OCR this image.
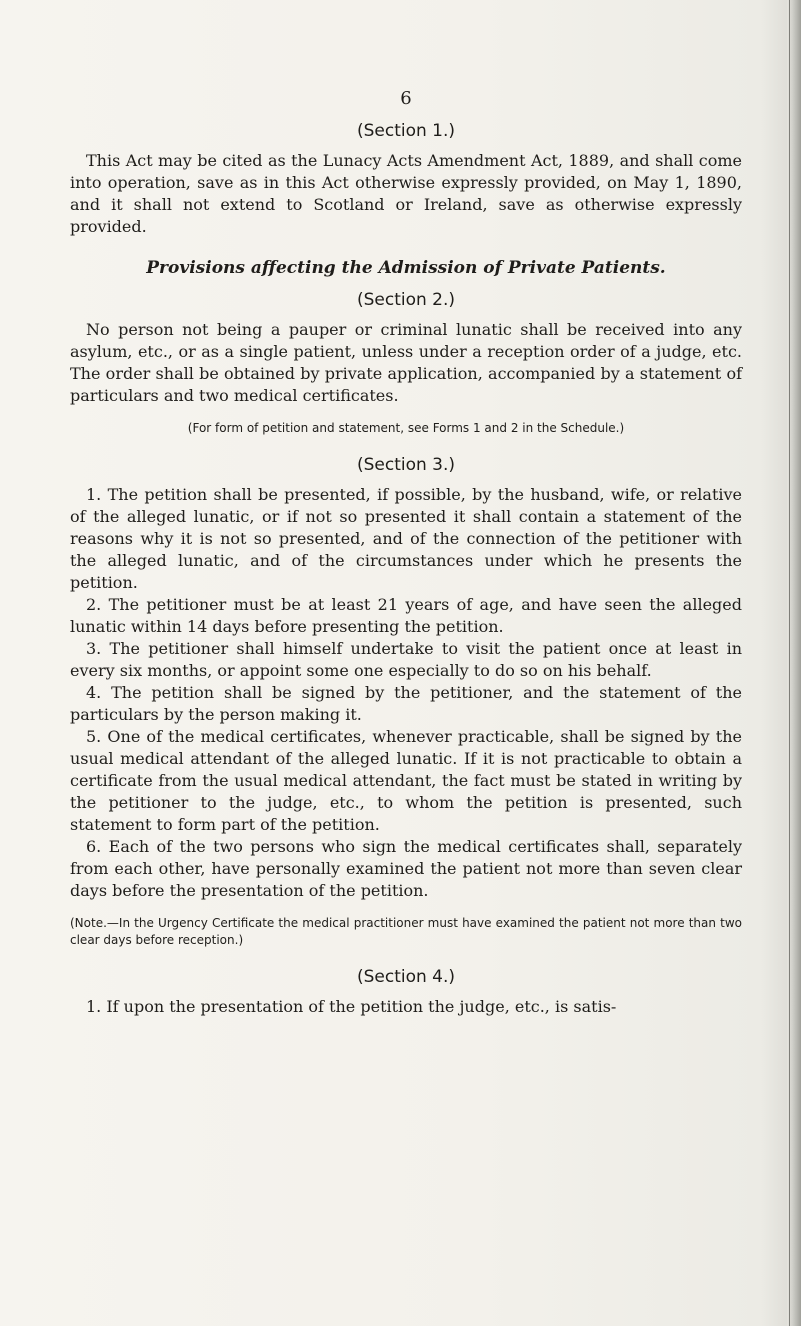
6
(Section 1.)

This Act may be cited as the Lunacy Acts Amendment Act, 1889, and shall come into operation, save as in this Act otherwise expressly provided, on May 1, 1890, and it shall not extend to Scotland or Ireland, save as otherwise expressly provided.

Provisions affecting the Admission of Private Patients.
(Section 2.)

No person not being a pauper or criminal lunatic shall be received into any asylum, etc., or as a single patient, unless under a reception order of a judge, etc. The order shall be obtained by private application, accompanied by a statement of particulars and two medical certificates.

(For form of petition and statement, see Forms 1 and 2 in the Schedule.)

(Section 3.)

1. The petition shall be presented, if possible, by the husband, wife, or relative of the alleged lunatic, or if not so presented it shall contain a statement of the reasons why it is not so presented, and of the connection of the petitioner with the alleged lunatic, and of the circumstances under which he presents the petition.

2. The petitioner must be at least 21 years of age, and have seen the alleged lunatic within 14 days before presenting the petition.

3. The petitioner shall himself undertake to visit the patient once at least in every six months, or appoint some one especially to do so on his behalf.

4. The petition shall be signed by the petitioner, and the statement of the particulars by the person making it.

5. One of the medical certificates, whenever practicable, shall be signed by the usual medical attendant of the alleged lunatic. If it is not practicable to obtain a certificate from the usual medical attendant, the fact must be stated in writing by the petitioner to the judge, etc., to whom the petition is presented, such statement to form part of the petition.

6. Each of the two persons who sign the medical certificates shall, separately from each other, have personally examined the patient not more than seven clear days before the presentation of the petition.

(Note.—In the Urgency Certificate the medical practitioner must have examined the patient not more than two clear days before reception.)

(Section 4.)

1. If upon the presentation of the petition the judge, etc., is satis-
